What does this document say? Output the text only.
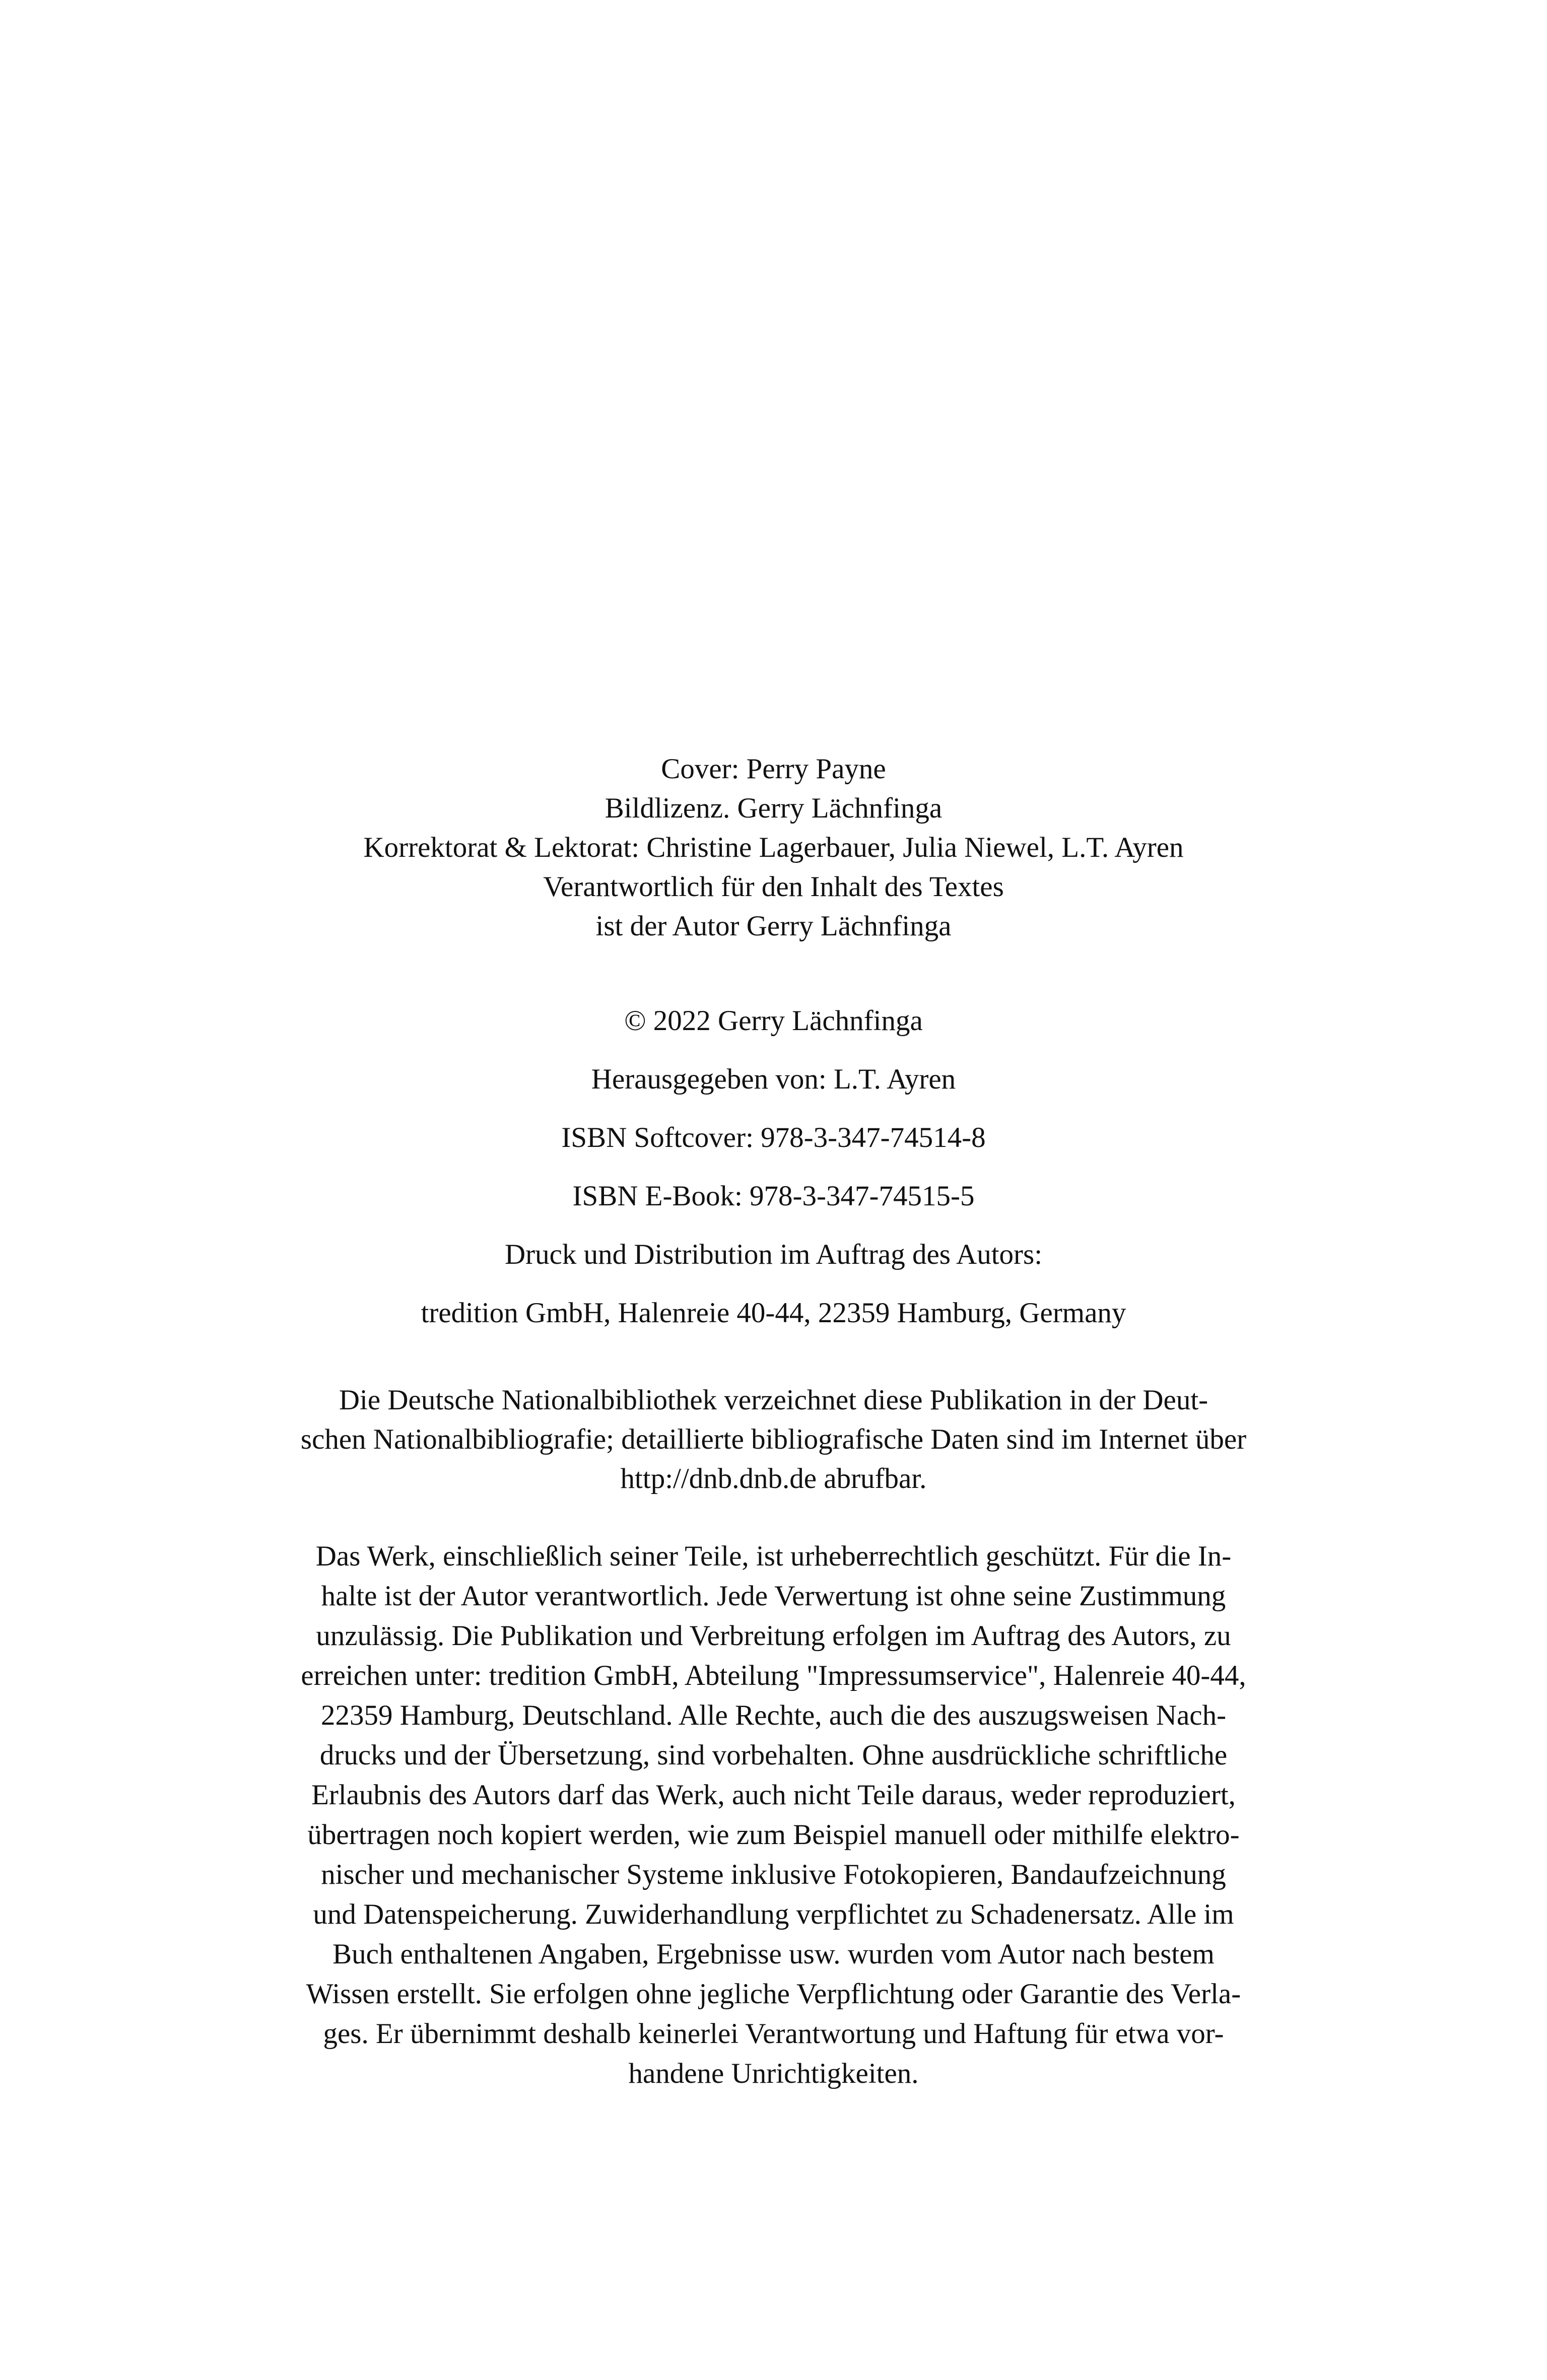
Cover: Perry Payne
Bildlizenz. Gerry Lächnfinga
Korrektorat & Lektorat: Christine Lagerbauer, Julia Niewel, L.T. Ayren
Verantwortlich für den Inhalt des Textes
ist der Autor Gerry Lächnfinga
© 2022 Gerry Lächnfinga
Herausgegeben von: L.T. Ayren
ISBN Softcover: 978-3-347-74514-8
ISBN E-Book: 978-3-347-74515-5
Druck und Distribution im Auftrag des Autors:
tredition GmbH, Halenreie 40-44, 22359 Hamburg, Germany
Die Deutsche Nationalbibliothek verzeichnet diese Publikation in der Deut-
schen Nationalbibliografie; detaillierte bibliografische Daten sind im Internet über
http://dnb.dnb.de abrufbar.
Das Werk, einschließlich seiner Teile, ist urheberrechtlich geschützt. Für die In-
halte ist der Autor verantwortlich. Jede Verwertung ist ohne seine Zustimmung
unzulässig. Die Publikation und Verbreitung erfolgen im Auftrag des Autors, zu
erreichen unter: tredition GmbH, Abteilung "Impressumservice", Halenreie 40-44,
22359 Hamburg, Deutschland. Alle Rechte, auch die des auszugsweisen Nach-
drucks und der Übersetzung, sind vorbehalten. Ohne ausdrückliche schriftliche
Erlaubnis des Autors darf das Werk, auch nicht Teile daraus, weder reproduziert,
übertragen noch kopiert werden, wie zum Beispiel manuell oder mithilfe elektro-
nischer und mechanischer Systeme inklusive Fotokopieren, Bandaufzeichnung
und Datenspeicherung. Zuwiderhandlung verpflichtet zu Schadenersatz. Alle im
Buch enthaltenen Angaben, Ergebnisse usw. wurden vom Autor nach bestem
Wissen erstellt. Sie erfolgen ohne jegliche Verpflichtung oder Garantie des Verla-
ges. Er übernimmt deshalb keinerlei Verantwortung und Haftung für etwa vor-
handene Unrichtigkeiten.
